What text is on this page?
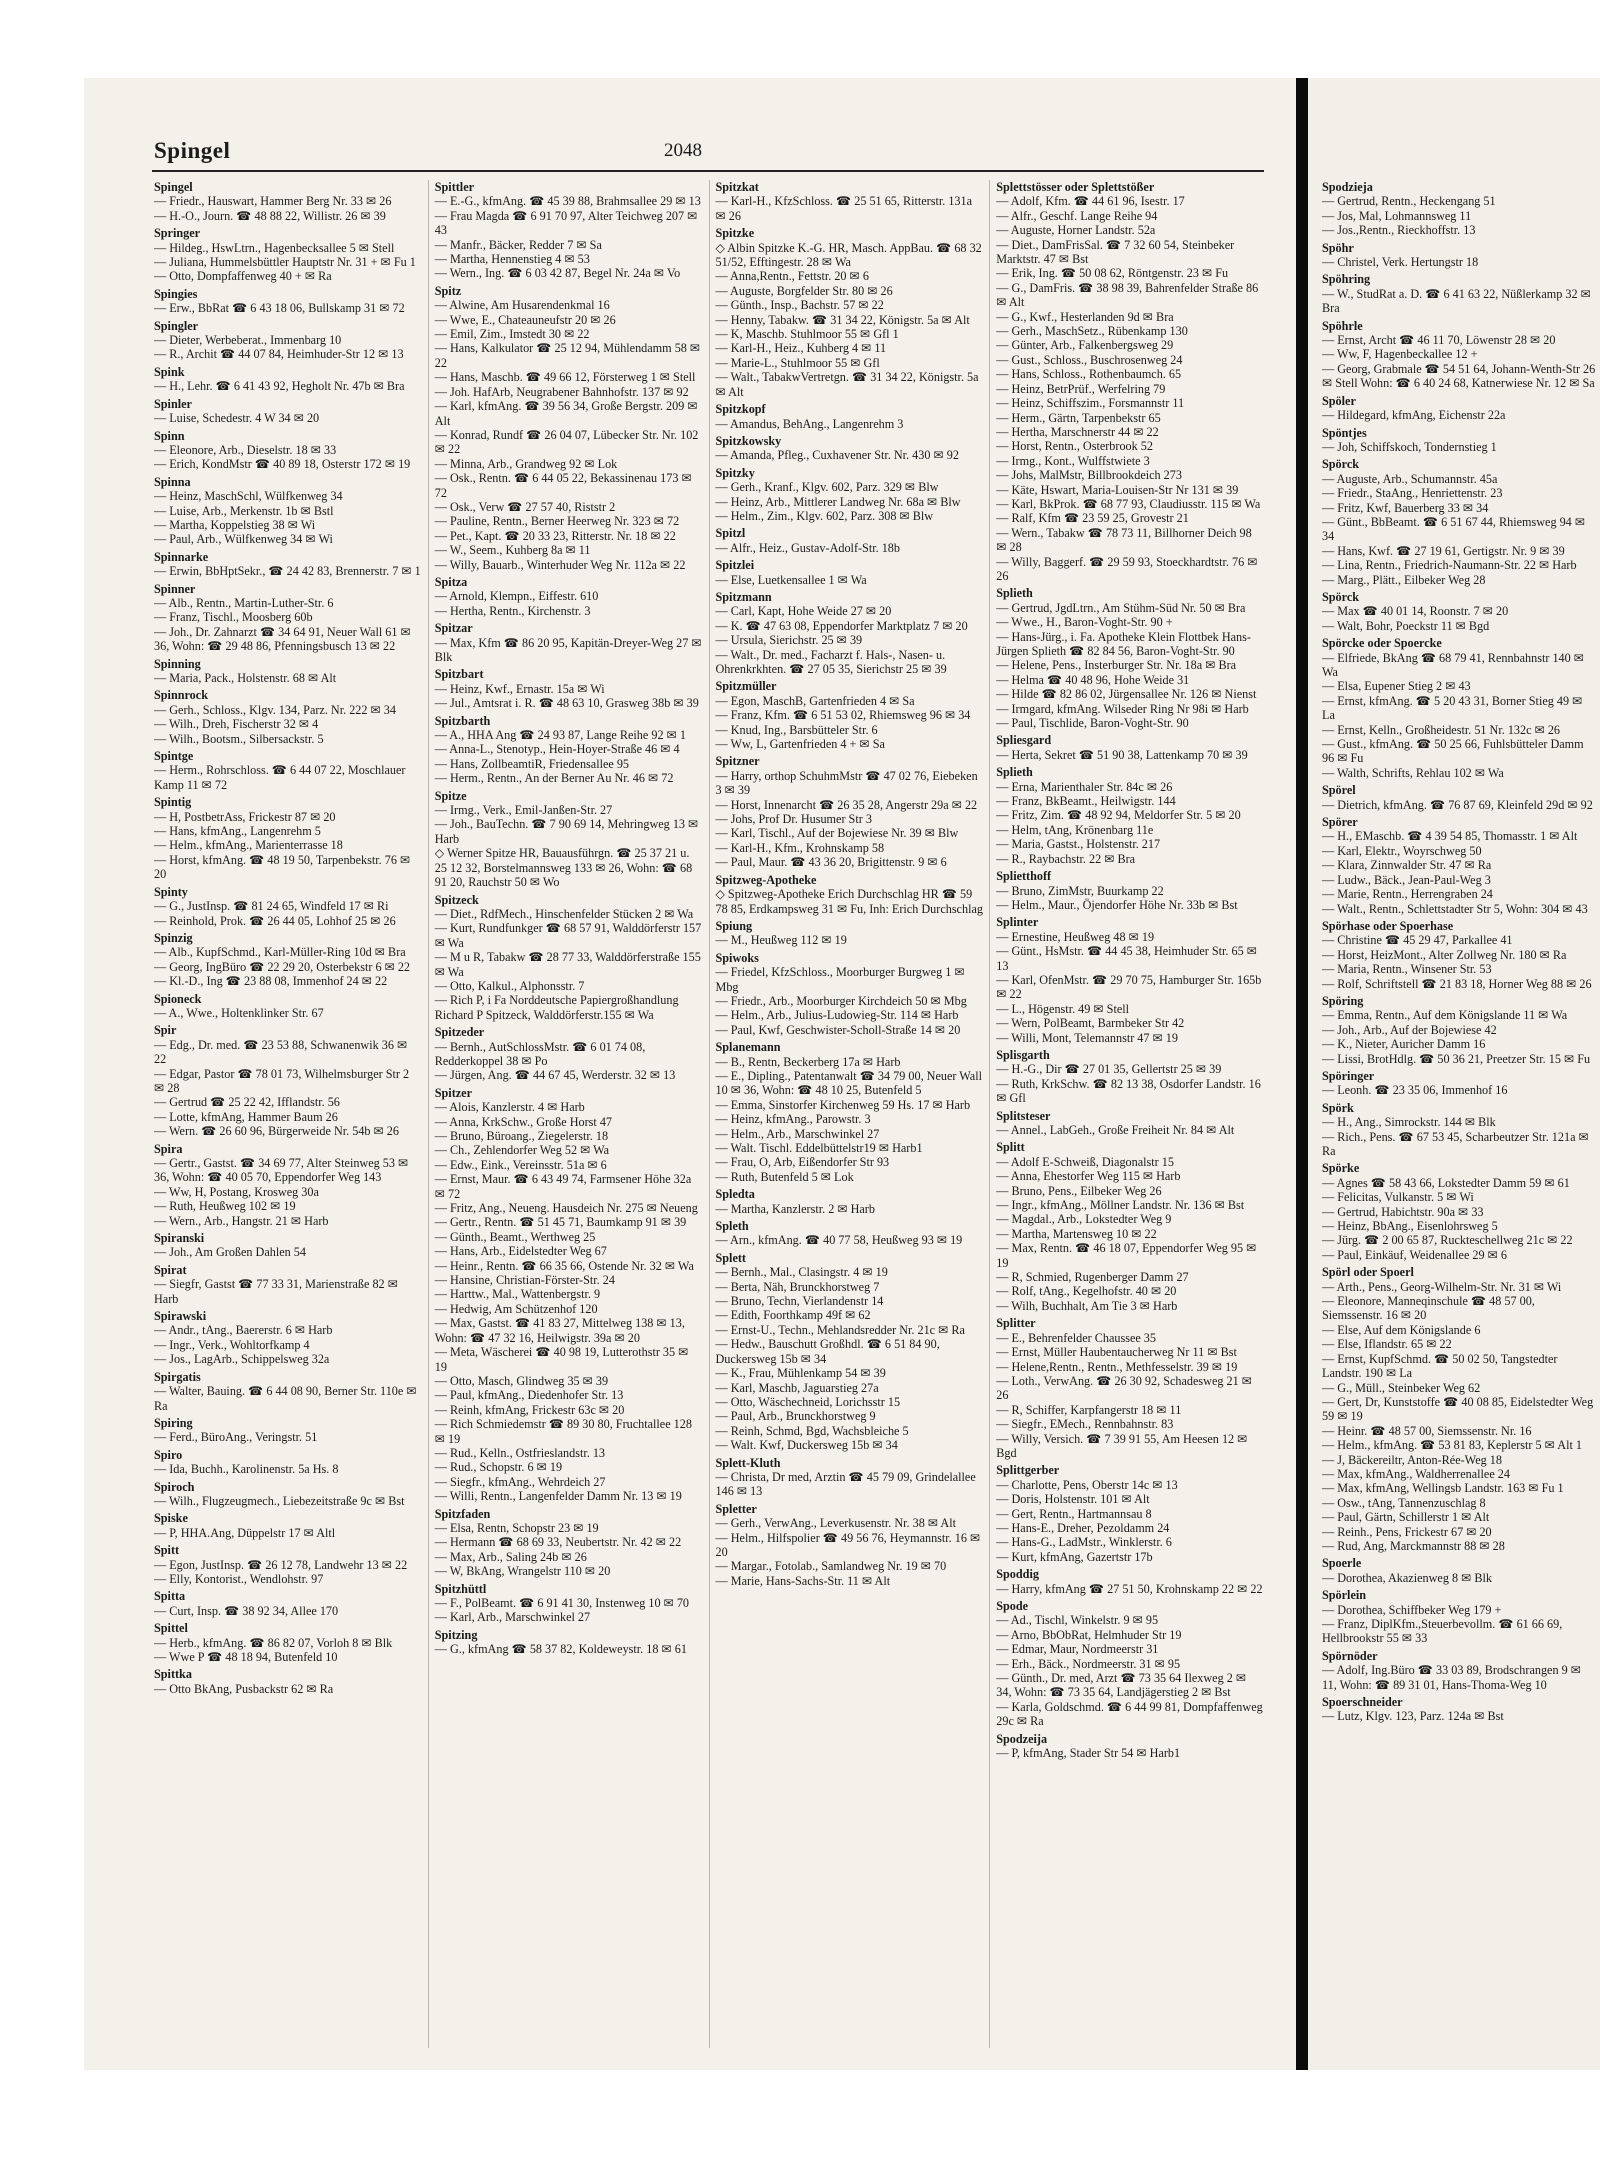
Spingel	2048
Spingel
— Friedr., Hauswart, Hammer Berg Nr. 33 ✉ 26
— H.-O., Journ. ☎ 48 88 22, Willistr. 26 ✉ 39
Springer
— Hildeg., HswLtrn., Hagenbecksallee 5 ✉ Stell
— Juliana, Hummelsbüttler Hauptstr Nr. 31 + ✉ Fu 1
— Otto, Dompfaffenweg 40 + ✉ Ra
Spingies
— Erw., BbRat ☎ 6 43 18 06, Bullskamp 31 ✉ 72
Spingler
— Dieter, Werbeberat., Immenbarg 10
— R., Archit ☎ 44 07 84, Heimhuder-Str 12 ✉ 13
Spink
— H., Lehr. ☎ 6 41 43 92, Hegholt Nr. 47b ✉ Bra
Spinler
— Luise, Schedestr. 4 W 34 ✉ 20
Spinn
— Eleonore, Arb., Dieselstr. 18 ✉ 33
— Erich, KondMstr ☎ 40 89 18, Osterstr 172 ✉ 19
Spinna
— Heinz, MaschSchl, Wülfkenweg 34
— Luise, Arb., Merkenstr. 1b ✉ Bstl
— Martha, Koppelstieg 38 ✉ Wi
— Paul, Arb., Wülfkenweg 34 ✉ Wi
Spinnarke
— Erwin, BbHptSekr., ☎ 24 42 83, Brennerstr. 7 ✉ 1
Spinner
— Alb., Rentn., Martin-Luther-Str. 6
— Franz, Tischl., Moosberg 60b
— Joh., Dr. Zahnarzt ☎ 34 64 91, Neuer Wall 61 ✉ 36, Wohn: ☎ 29 48 86, Pfenningsbusch 13 ✉ 22
Spinning
— Maria, Pack., Holstenstr. 68 ✉ Alt
Spinnrock
— Gerh., Schloss., Klgv. 134, Parz. Nr. 222 ✉ 34
— Wilh., Dreh, Fischerstr 32 ✉ 4
— Wilh., Bootsm., Silbersackstr. 5
Spintge
— Herm., Rohrschloss. ☎ 6 44 07 22, Moschlauer Kamp 11 ✉ 72
Spintig
— H, PostbetrAss, Frickestr 87 ✉ 20
— Hans, kfmAng., Langenrehm 5
— Helm., kfmAng., Marienterrasse 18
— Horst, kfmAng. ☎ 48 19 50, Tarpenbekstr. 76 ✉ 20
Spinty
— G., JustInsp. ☎ 81 24 65, Windfeld 17 ✉ Ri
— Reinhold, Prok. ☎ 26 44 05, Lohhof 25 ✉ 26
Spinzig
— Alb., KupfSchmd., Karl-Müller-Ring 10d ✉ Bra
— Georg, IngBüro ☎ 22 29 20, Osterbekstr 6 ✉ 22
— Kl.-D., Ing ☎ 23 88 08, Immenhof 24 ✉ 22
Spioneck
— A., Wwe., Holtenklinker Str. 67
Spir
— Edg., Dr. med. ☎ 23 53 88, Schwanenwik 36 ✉ 22
— Edgar, Pastor ☎ 78 01 73, Wilhelmsburger Str 2 ✉ 28
— Gertrud ☎ 25 22 42, Ifflandstr. 56
— Lotte, kfmAng, Hammer Baum 26
— Wern. ☎ 26 60 96, Bürgerweide Nr. 54b ✉ 26
Spira
— Gertr., Gastst. ☎ 34 69 77, Alter Steinweg 53 ✉ 36, Wohn: ☎ 40 05 70, Eppendorfer Weg 143
— Ww, H, Postang, Krosweg 30a
— Ruth, Heußweg 102 ✉ 19
— Wern., Arb., Hangstr. 21 ✉ Harb
Spiranski
— Joh., Am Großen Dahlen 54
Spirat
— Siegfr, Gastst ☎ 77 33 31, Marienstraße 82 ✉ Harb
Spirawski
— Andr., tAng., Baererstr. 6 ✉ Harb
— Ingr., Verk., Wohltorfkamp 4
— Jos., LagArb., Schippelsweg 32a
Spirgatis
— Walter, Bauing. ☎ 6 44 08 90, Berner Str. 110e ✉ Ra
Spiring
— Ferd., BüroAng., Veringstr. 51
Spiro
— Ida, Buchh., Karolinenstr. 5a Hs. 8
Spiroch
— Wilh., Flugzeugmech., Liebezeitstraße 9c ✉ Bst
Spiske
— P, HHA.Ang, Düppelstr 17 ✉ Altl
Spitt
— Egon, JustInsp. ☎ 26 12 78, Landwehr 13 ✉ 22
— Elly, Kontorist., Wendlohstr. 97
Spitta
— Curt, Insp. ☎ 38 92 34, Allee 170
Spittel
— Herb., kfmAng. ☎ 86 82 07, Vorloh 8 ✉ Blk
— Wwe P ☎ 48 18 94, Butenfeld 10
Spittka
— Otto BkAng, Pusbackstr 62 ✉ Ra
Spittler
— E.-G., kfmAng. ☎ 45 39 88, Brahmsallee 29 ✉ 13
— Frau Magda ☎ 6 91 70 97, Alter Teichweg 207 ✉ 43
— Manfr., Bäcker, Redder 7 ✉ Sa
— Martha, Hennenstieg 4 ✉ 53
— Wern., Ing. ☎ 6 03 42 87, Begel Nr. 24a ✉ Vo
Spitz
— Alwine, Am Husarendenkmal 16
— Wwe, E., Chateauneufstr 20 ✉ 26
— Emil, Zim., Imstedt 30 ✉ 22
— Hans, Kalkulator ☎ 25 12 94, Mühlendamm 58 ✉ 22
— Hans, Maschb. ☎ 49 66 12, Försterweg 1 ✉ Stell
— Joh. HafArb, Neugrabener Bahnhofstr. 137 ✉ 92
— Karl, kfmAng. ☎ 39 56 34, Große Bergstr. 209 ✉ Alt
— Konrad, Rundf ☎ 26 04 07, Lübecker Str. Nr. 102 ✉ 22
— Minna, Arb., Grandweg 92 ✉ Lok
— Osk., Rentn. ☎ 6 44 05 22, Bekassinenau 173 ✉ 72
— Osk., Verw ☎ 27 57 40, Riststr 2
— Pauline, Rentn., Berner Heerweg Nr. 323 ✉ 72
— Pet., Kapt. ☎ 20 33 23, Ritterstr. Nr. 18 ✉ 22
— W., Seem., Kuhberg 8a ✉ 11
— Willy, Bauarb., Winterhuder Weg Nr. 112a ✉ 22
Spitza
— Arnold, Klempn., Eiffestr. 610
— Hertha, Rentn., Kirchenstr. 3
Spitzar
— Max, Kfm ☎ 86 20 95, Kapitän-Dreyer-Weg 27 ✉ Blk
Spitzbart
— Heinz, Kwf., Ernastr. 15a ✉ Wi
— Jul., Amtsrat i. R. ☎ 48 63 10, Grasweg 38b ✉ 39
Spitzbarth
— A., HHA Ang ☎ 24 93 87, Lange Reihe 92 ✉ 1
— Anna-L., Stenotyp., Hein-Hoyer-Straße 46 ✉ 4
— Hans, ZollbeamtiR, Friedensallee 95
— Herm., Rentn., An der Berner Au Nr. 46 ✉ 72
Spitze
— Irmg., Verk., Emil-Janßen-Str. 27
— Joh., BauTechn. ☎ 7 90 69 14, Mehringweg 13 ✉ Harb
◇ Werner Spitze HR, Bauausführgn. ☎ 25 37 21 u. 25 12 32, Borstelmannsweg 133 ✉ 26, Wohn: ☎ 68 91 20, Rauchstr 50 ✉ Wo
Spitzeck
— Diet., RdfMech., Hinschenfelder Stücken 2 ✉ Wa
— Kurt, Rundfunkger ☎ 68 57 91, Walddörferstr 157 ✉ Wa
— M u R, Tabakw ☎ 28 77 33, Walddörferstraße 155 ✉ Wa
— Otto, Kalkul., Alphonsstr. 7
— Rich P, i Fa Norddeutsche Papiergroßhandlung Richard P Spitzeck, Walddörferstr.155 ✉ Wa
Spitzeder
— Bernh., AutSchlossMstr. ☎ 6 01 74 08, Redderkoppel 38 ✉ Po
— Jürgen, Ang. ☎ 44 67 45, Werderstr. 32 ✉ 13
Spitzer
— Alois, Kanzlerstr. 4 ✉ Harb
— Anna, KrkSchw., Große Horst 47
— Bruno, Büroang., Ziegelerstr. 18
— Ch., Zehlendorfer Weg 52 ✉ Wa
— Edw., Eink., Vereinsstr. 51a ✉ 6
— Ernst, Maur. ☎ 6 43 49 74, Farmsener Höhe 32a ✉ 72
— Fritz, Ang., Neueng. Hausdeich Nr. 275 ✉ Neueng
— Gertr., Rentn. ☎ 51 45 71, Baumkamp 91 ✉ 39
— Günth., Beamt., Werthweg 25
— Hans, Arb., Eidelstedter Weg 67
— Heinr., Rentn. ☎ 66 35 66, Ostende Nr. 32 ✉ Wa
— Hansine, Christian-Förster-Str. 24
— Harttw., Mal., Wattenbergstr. 9
— Hedwig, Am Schützenhof 120
— Max, Gastst. ☎ 41 83 27, Mittelweg 138 ✉ 13, Wohn: ☎ 47 32 16, Heilwigstr. 39a ✉ 20
— Meta, Wäscherei ☎ 40 98 19, Lutterothstr 35 ✉ 19
— Otto, Masch, Glindweg 35 ✉ 39
— Paul, kfmAng., Diedenhofer Str. 13
— Reinh, kfmAng, Frickestr 63c ✉ 20
— Rich Schmiedemstr ☎ 89 30 80, Fruchtallee 128 ✉ 19
— Rud., Kelln., Ostfrieslandstr. 13
— Rud., Schopstr. 6 ✉ 19
— Siegfr., kfmAng., Wehrdeich 27
— Willi, Rentn., Langenfelder Damm Nr. 13 ✉ 19
Spitzfaden
— Elsa, Rentn, Schopstr 23 ✉ 19
— Hermann ☎ 68 69 33, Neubertstr. Nr. 42 ✉ 22
— Max, Arb., Saling 24b ✉ 26
— W, BkAng, Wrangelstr 110 ✉ 20
Spitzhüttl
— F., PolBeamt. ☎ 6 91 41 30, Instenweg 10 ✉ 70
— Karl, Arb., Marschwinkel 27
Spitzing
— G., kfmAng ☎ 58 37 82, Koldeweystr. 18 ✉ 61
Spitzkat
— Karl-H., KfzSchloss. ☎ 25 51 65, Ritterstr. 131a ✉ 26
Spitzke
◇ Albin Spitzke K.-G. HR, Masch. AppBau. ☎ 68 32 51/52, Efftingestr. 28 ✉ Wa
— Anna,Rentn., Fettstr. 20 ✉ 6
— Auguste, Borgfelder Str. 80 ✉ 26
— Günth., Insp., Bachstr. 57 ✉ 22
— Henny, Tabakw. ☎ 31 34 22, Königstr. 5a ✉ Alt
— K, Maschb. Stuhlmoor 55 ✉ Gfl 1
— Karl-H., Heiz., Kuhberg 4 ✉ 11
— Marie-L., Stuhlmoor 55 ✉ Gfl
— Walt., TabakwVertretgn. ☎ 31 34 22, Königstr. 5a ✉ Alt
Spitzkopf
— Amandus, BehAng., Langenrehm 3
Spitzkowsky
— Amanda, Pfleg., Cuxhavener Str. Nr. 430 ✉ 92
Spitzky
— Gerh., Kranf., Klgv. 602, Parz. 329 ✉ Blw
— Heinz, Arb., Mittlerer Landweg Nr. 68a ✉ Blw
— Helm., Zim., Klgv. 602, Parz. 308 ✉ Blw
Spitzl
— Alfr., Heiz., Gustav-Adolf-Str. 18b
Spitzlei
— Else, Luetkensallee 1 ✉ Wa
Spitzmann
— Carl, Kapt, Hohe Weide 27 ✉ 20
— K. ☎ 47 63 08, Eppendorfer Marktplatz 7 ✉ 20
— Ursula, Sierichstr. 25 ✉ 39
— Walt., Dr. med., Facharzt f. Hals-, Nasen- u. Ohrenkrkhten. ☎ 27 05 35, Sierichstr 25 ✉ 39
Spitzmüller
— Egon, MaschB, Gartenfrieden 4 ✉ Sa
— Franz, Kfm. ☎ 6 51 53 02, Rhiemsweg 96 ✉ 34
— Knud, Ing., Barsbütteler Str. 6
— Ww, L, Gartenfrieden 4 + ✉ Sa
Spitzner
— Harry, orthop SchuhmMstr ☎ 47 02 76, Eiebeken 3 ✉ 39
— Horst, Innenarcht ☎ 26 35 28, Angerstr 29a ✉ 22
— Johs, Prof Dr. Husumer Str 3
— Karl, Tischl., Auf der Bojewiese Nr. 39 ✉ Blw
— Karl-H., Kfm., Krohnskamp 58
— Paul, Maur. ☎ 43 36 20, Brigittenstr. 9 ✉ 6
Spitzweg-Apotheke
◇ Spitzweg-Apotheke Erich Durchschlag HR ☎ 59 78 85, Erdkampsweg 31 ✉ Fu, Inh: Erich Durchschlag
Spiung
— M., Heußweg 112 ✉ 19
Spiwoks
— Friedel, KfzSchloss., Moorburger Burgweg 1 ✉ Mbg
— Friedr., Arb., Moorburger Kirchdeich 50 ✉ Mbg
— Helm., Arb., Julius-Ludowieg-Str. 114 ✉ Harb
— Paul, Kwf, Geschwister-Scholl-Straße 14 ✉ 20
Splanemann
— B., Rentn, Beckerberg 17a ✉ Harb
— E., Dipling., Patentanwalt ☎ 34 79 00, Neuer Wall 10 ✉ 36, Wohn: ☎ 48 10 25, Butenfeld 5
— Emma, Sinstorfer Kirchenweg 59 Hs. 17 ✉ Harb
— Heinz, kfmAng., Parowstr. 3
— Helm., Arb., Marschwinkel 27
— Walt. Tischl. Eddelbüttelstr19 ✉ Harb1
— Frau, O, Arb, Eißendorfer Str 93
— Ruth, Butenfeld 5 ✉ Lok
Spledta
— Martha, Kanzlerstr. 2 ✉ Harb
Spleth
— Arn., kfmAng. ☎ 40 77 58, Heußweg 93 ✉ 19
Splett
— Bernh., Mal., Clasingstr. 4 ✉ 19
— Berta, Näh, Brunckhorstweg 7
— Bruno, Techn, Vierlandenstr 14
— Edith, Foorthkamp 49f ✉ 62
— Ernst-U., Techn., Mehlandsredder Nr. 21c ✉ Ra
— Hedw., Bauschutt Großhdl. ☎ 6 51 84 90, Duckersweg 15b ✉ 34
— K., Frau, Mühlenkamp 54 ✉ 39
— Karl, Maschb, Jaguarstieg 27a
— Otto, Wäschechneid, Lorichsstr 15
— Paul, Arb., Brunckhorstweg 9
— Reinh, Schmd, Bgd, Wachsbleiche 5
— Walt. Kwf, Duckersweg 15b ✉ 34
Splett-Kluth
— Christa, Dr med, Arztin ☎ 45 79 09, Grindelallee 146 ✉ 13
Spletter
— Gerh., VerwAng., Leverkusenstr. Nr. 38 ✉ Alt
— Helm., Hilfspolier ☎ 49 56 76, Heymannstr. 16 ✉ 20
— Margar., Fotolab., Samlandweg Nr. 19 ✉ 70
— Marie, Hans-Sachs-Str. 11 ✉ Alt
Splettstösser oder Splettstößer
— Adolf, Kfm. ☎ 44 61 96, Isestr. 17
— Alfr., Geschf. Lange Reihe 94
— Auguste, Horner Landstr. 52a
— Diet., DamFrisSal. ☎ 7 32 60 54, Steinbeker Marktstr. 47 ✉ Bst
— Erik, Ing. ☎ 50 08 62, Röntgenstr. 23 ✉ Fu
— G., DamFris. ☎ 38 98 39, Bahrenfelder Straße 86 ✉ Alt
— G., Kwf., Hesterlanden 9d ✉ Bra
— Gerh., MaschSetz., Rübenkamp 130
— Günter, Arb., Falkenbergsweg 29
— Gust., Schloss., Buschrosenweg 24
— Hans, Schloss., Rothenbaumch. 65
— Heinz, BetrPrüf., Werfelring 79
— Heinz, Schiffszim., Forsmannstr 11
— Herm., Gärtn, Tarpenbekstr 65
— Hertha, Marschnerstr 44 ✉ 22
— Horst, Rentn., Osterbrook 52
— Irmg., Kont., Wulffstwiete 3
— Johs, MalMstr, Billbrookdeich 273
— Käte, Hswart, Maria-Louisen-Str Nr 131 ✉ 39
— Karl, BkProk. ☎ 68 77 93, Claudiusstr. 115 ✉ Wa
— Ralf, Kfm ☎ 23 59 25, Grovestr 21
— Wern., Tabakw ☎ 78 73 11, Billhorner Deich 98 ✉ 28
— Willy, Baggerf. ☎ 29 59 93, Stoeckhardtstr. 76 ✉ 26
Splieth
— Gertrud, JgdLtrn., Am Stühm-Süd Nr. 50 ✉ Bra
— Wwe., H., Baron-Voght-Str. 90 +
— Hans-Jürg., i. Fa. Apotheke Klein Flottbek Hans-Jürgen Splieth ☎ 82 84 56, Baron-Voght-Str. 90
— Helene, Pens., Insterburger Str. Nr. 18a ✉ Bra
— Helma ☎ 40 48 96, Hohe Weide 31
— Hilde ☎ 82 86 02, Jürgensallee Nr. 126 ✉ Nienst
— Irmgard, kfmAng. Wilseder Ring Nr 98i ✉ Harb
— Paul, Tischlide, Baron-Voght-Str. 90
Spliesgard
— Herta, Sekret ☎ 51 90 38, Lattenkamp 70 ✉ 39
Splieth
— Erna, Marienthaler Str. 84c ✉ 26
— Franz, BkBeamt., Heilwigstr. 144
— Fritz, Zim. ☎ 48 92 94, Meldorfer Str. 5 ✉ 20
— Helm, tAng, Krönenbarg 11e
— Maria, Gastst., Holstenstr. 217
— R., Raybachstr. 22 ✉ Bra
Splietthoff
— Bruno, ZimMstr, Buurkamp 22
— Helm., Maur., Öjendorfer Höhe Nr. 33b ✉ Bst
Splinter
— Ernestine, Heußweg 48 ✉ 19
— Günt., HsMstr. ☎ 44 45 38, Heimhuder Str. 65 ✉ 13
— Karl, OfenMstr. ☎ 29 70 75, Hamburger Str. 165b ✉ 22
— L., Högenstr. 49 ✉ Stell
— Wern, PolBeamt, Barmbeker Str 42
— Willi, Mont, Telemannstr 47 ✉ 19
Splisgarth
— H.-G., Dir ☎ 27 01 35, Gellertstr 25 ✉ 39
— Ruth, KrkSchw. ☎ 82 13 38, Osdorfer Landstr. 16 ✉ Gfl
Splitsteser
— Annel., LabGeh., Große Freiheit Nr. 84 ✉ Alt
Splitt
— Adolf E-Schweiß, Diagonalstr 15
— Anna, Ehestorfer Weg 115 ✉ Harb
— Bruno, Pens., Eilbeker Weg 26
— Ingr., kfmAng., Möllner Landstr. Nr. 136 ✉ Bst
— Magdal., Arb., Lokstedter Weg 9
— Martha, Martensweg 10 ✉ 22
— Max, Rentn. ☎ 46 18 07, Eppendorfer Weg 95 ✉ 19
— R, Schmied, Rugenberger Damm 27
— Rolf, tAng., Kegelhofstr. 40 ✉ 20
— Wilh, Buchhalt, Am Tie 3 ✉ Harb
Splitter
— E., Behrenfelder Chaussee 35
— Ernst, Müller Haubentaucherweg Nr 11 ✉ Bst
— Helene,Rentn., Rentn., Methfesselstr. 39 ✉ 19
— Loth., VerwAng. ☎ 26 30 92, Schadesweg 21 ✉ 26
— R, Schiffer, Karpfangerstr 18 ✉ 11
— Siegfr., EMech., Rennbahnstr. 83
— Willy, Versich. ☎ 7 39 91 55, Am Heesen 12 ✉ Bgd
Splittgerber
— Charlotte, Pens, Oberstr 14c ✉ 13
— Doris, Holstenstr. 101 ✉ Alt
— Gert, Rentn., Hartmannsau 8
— Hans-E., Dreher, Pezoldamm 24
— Hans-G., LadMstr., Winklerstr. 6
— Kurt, kfmAng, Gazertstr 17b
Spoddig
— Harry, kfmAng ☎ 27 51 50, Krohnskamp 22 ✉ 22
Spode
— Ad., Tischl, Winkelstr. 9 ✉ 95
— Arno, BbObRat, Helmhuder Str 19
— Edmar, Maur, Nordmeerstr 31
— Erh., Bäck., Nordmeerstr. 31 ✉ 95
— Günth., Dr. med, Arzt ☎ 73 35 64 Ilexweg 2 ✉ 34, Wohn: ☎ 73 35 64, Landjägerstieg 2 ✉ Bst
— Karla, Goldschmd. ☎ 6 44 99 81, Dompfaffenweg 29c ✉ Ra
Spodzeija
— P, kfmAng, Stader Str 54 ✉ Harb1
Spodzieja
— Gertrud, Rentn., Heckengang 51
— Jos, Mal, Lohmannsweg 11
— Jos.,Rentn., Rieckhoffstr. 13
Spöhr
— Christel, Verk. Hertungstr 18
Spöhring
— W., StudRat a. D. ☎ 6 41 63 22, Nüßlerkamp 32 ✉ Bra
Spöhrle
— Ernst, Archt ☎ 46 11 70, Löwenstr 28 ✉ 20
— Ww, F, Hagenbeckallee 12 +
— Georg, Grabmale ☎ 54 51 64, Johann-Wenth-Str 26 ✉ Stell Wohn: ☎ 6 40 24 68, Katnerwiese Nr. 12 ✉ Sa
Spöler
— Hildegard, kfmAng, Eichenstr 22a
Spöntjes
— Joh, Schiffskoch, Tondernstieg 1
Spörck
— Auguste, Arb., Schumannstr. 45a
— Friedr., StaAng., Henriettenstr. 23
— Fritz, Kwf, Bauerberg 33 ✉ 34
— Günt., BbBeamt. ☎ 6 51 67 44, Rhiemsweg 94 ✉ 34
— Hans, Kwf. ☎ 27 19 61, Gertigstr. Nr. 9 ✉ 39
— Lina, Rentn., Friedrich-Naumann-Str. 22 ✉ Harb
— Marg., Plätt., Eilbeker Weg 28
Spörck
— Max ☎ 40 01 14, Roonstr. 7 ✉ 20
— Walt, Bohr, Poeckstr 11 ✉ Bgd
Spörcke oder Spoercke
— Elfriede, BkAng ☎ 68 79 41, Rennbahnstr 140 ✉ Wa
— Elsa, Eupener Stieg 2 ✉ 43
— Ernst, kfmAng. ☎ 5 20 43 31, Borner Stieg 49 ✉ La
— Ernst, Kelln., Großheidestr. 51 Nr. 132c ✉ 26
— Gust., kfmAng. ☎ 50 25 66, Fuhlsbütteler Damm 96 ✉ Fu
— Walth, Schrifts, Rehlau 102 ✉ Wa
Spörel
— Dietrich, kfmAng. ☎ 76 87 69, Kleinfeld 29d ✉ 92
Spörer
— H., EMaschb. ☎ 4 39 54 85, Thomasstr. 1 ✉ Alt
— Karl, Elektr., Woyrschweg 50
— Klara, Zinnwalder Str. 47 ✉ Ra
— Ludw., Bäck., Jean-Paul-Weg 3
— Marie, Rentn., Herrengraben 24
— Walt., Rentn., Schlettstadter Str 5, Wohn: 304 ✉ 43
Spörhase oder Spoerhase
— Christine ☎ 45 29 47, Parkallee 41
— Horst, HeizMont., Alter Zollweg Nr. 180 ✉ Ra
— Maria, Rentn., Winsener Str. 53
— Rolf, Schriftstell ☎ 21 83 18, Horner Weg 88 ✉ 26
Spöring
— Emma, Rentn., Auf dem Königslande 11 ✉ Wa
— Joh., Arb., Auf der Bojewiese 42
— K., Nieter, Auricher Damm 16
— Lissi, BrotHdlg. ☎ 50 36 21, Preetzer Str. 15 ✉ Fu
Spöringer
— Leonh. ☎ 23 35 06, Immenhof 16
Spörk
— H., Ang., Simrockstr. 144 ✉ Blk
— Rich., Pens. ☎ 67 53 45, Scharbeutzer Str. 121a ✉ Ra
Spörke
— Agnes ☎ 58 43 66, Lokstedter Damm 59 ✉ 61
— Felicitas, Vulkanstr. 5 ✉ Wi
— Gertrud, Habichtstr. 90a ✉ 33
— Heinz, BbAng., Eisenlohrsweg 5
— Jürg. ☎ 2 00 65 87, Ruckteschellweg 21c ✉ 22
— Paul, Einkäuf, Weidenallee 29 ✉ 6
Spörl oder Spoerl
— Arth., Pens., Georg-Wilhelm-Str. Nr. 31 ✉ Wi
— Eleonore, Manneqinschule ☎ 48 57 00, Siemssenstr. 16 ✉ 20
— Else, Auf dem Königslande 6
— Else, Iflandstr. 65 ✉ 22
— Ernst, KupfSchmd. ☎ 50 02 50, Tangstedter Landstr. 190 ✉ La
— G., Müll., Steinbeker Weg 62
— Gert, Dr, Kunststoffe ☎ 40 08 85, Eidelstedter Weg 59 ✉ 19
— Heinr. ☎ 48 57 00, Siemssenstr. Nr. 16
— Helm., kfmAng. ☎ 53 81 83, Keplerstr 5 ✉ Alt 1
— J, Bäckereiltr, Anton-Rée-Weg 18
— Max, kfmAng., Waldherrenallee 24
— Max, kfmAng, Wellingsb Landstr. 163 ✉ Fu 1
— Osw., tAng, Tannenzuschlag 8
— Paul, Gärtn, Schillerstr 1 ✉ Alt
— Reinh., Pens, Frickestr 67 ✉ 20
— Rud, Ang, Marckmannstr 88 ✉ 28
Spoerle
— Dorothea, Akazienweg 8 ✉ Blk
Spörlein
— Dorothea, Schiffbeker Weg 179 +
— Franz, DiplKfm.,Steuerbevollm. ☎ 61 66 69, Hellbrookstr 55 ✉ 33
Spörnöder
— Adolf, Ing.Büro ☎ 33 03 89, Brodschrangen 9 ✉ 11, Wohn: ☎ 89 31 01, Hans-Thoma-Weg 10
Spoerschneider
— Lutz, Klgv. 123, Parz. 124a ✉ Bst
